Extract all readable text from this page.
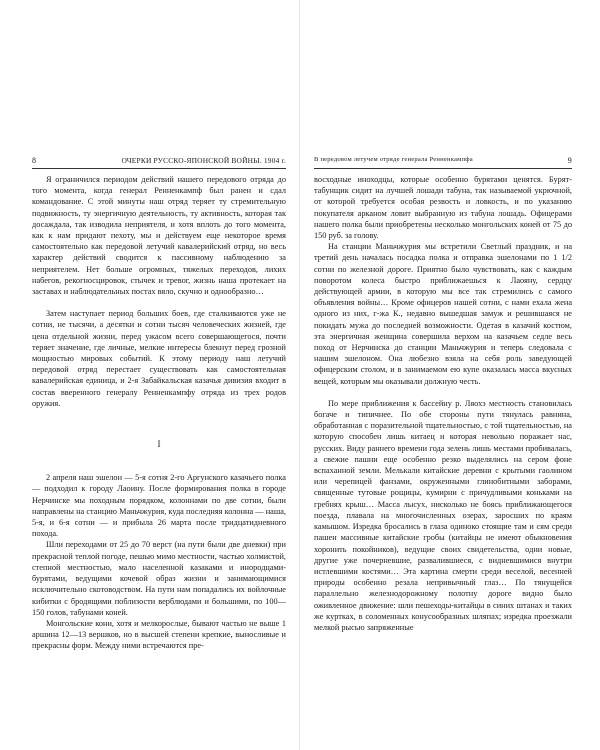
8	ОЧЕРКИ РУССКО-ЯПОНСКОЙ ВОЙНЫ. 1904 г.

Я ограничился периодом действий нашего передового отряда до того момента, когда генерал Ренненкампф был ранен и сдал командование. С этой минуты наш отряд теряет ту стремительную подвижность, ту энергичную деятельность, ту активность, которая так досаждала, так изводила неприятеля, и хотя вплоть до того момента, как к нам придают пехоту, мы и действуем еще некоторое время самостоятельно как передовой летучий кавалерийский отряд, но весь характер действий сводится к пассивному наблюдению за неприятелем. Нет больше огромных, тяжелых переходов, лихих набегов, рекогносцировок, стычек и тревог, жизнь наша протекает на заставах и наблюдательных постах вяло, скучно и однообразно…

Затем наступает период больших боев, где сталкиваются уже не сотни, не тысячи, а десятки и сотни тысяч человеческих жизней, где цена отдельной жизни, перед ужасом всего совершающегося, почти теряет значение, где личные, мелкие интересы блекнут перед грозной мощностью мировых событий. К этому периоду наш летучий передовой отряд перестает существовать как самостоятельная кавалерийская единица, и 2-я Забайкальская казачья дивизия входит в состав вверенного генералу Ренненкампфу отряда из трех родов оружия.

I

2 апреля наш эшелон — 5-я сотня 2-го Аргунского казачьего полка — подходил к городу Лаоину. После формирования полка в городе Нерчинске мы походным порядком, колоннами по две сотни, были направлены на станцию Маньчжурия, куда последняя колонна — наша, 5-я, и 6-я сотни — и прибыла 26 марта после тридцатидневного похода.

Шли переходами от 25 до 70 верст (на пути были две дневки) при прекрасной теплой погоде, пешью мимо местности, частью холмистой, степной местностью, мало населенной казаками и инородцами-бурятами, ведущими кочевой образ жизни и занимающимися исключительно скотоводством. На пути нам попадались их войлочные кибитки с бродящими поблизости верблюдами и большими, по 100—150 голов, табунами коней.

Монгольские кони, хотя и мелкорослые, бывают частью не выше 1 аршина 12—13 вершков, но в высшей степени крепкие, выносливые и прекрасны форм. Между ними встречаются пре-

В передовом летучем отряде генерала Ренненкампфа	9

восходные иноходцы, которые особенно бурятами ценятся. Бурят-табунщик сидит на лучшей лошади табуна, так называемой укрючной, от которой требуется особая резвость и ловкость, и по указанию покупателя арканом ловит выбранную из табуна лошадь. Офицерами нашего полка были приобретены несколько монгольских коней от 75 до 150 руб. за голову.

На станции Маньчжурия мы встретили Светлый праздник, и на третий день началась посадка полка и отправка эшелонами по 1 1/2 сотни по железной дороге. Приятно было чувствовать, как с каждым поворотом колеса быстро приближаешься к Лаояну, сердцу действующей армии, в которую мы все так стремились с самого объявления войны… Кроме офицеров нашей сотни, с нами ехала жена одного из них, г-жа К., недавно вышедшая замуж и решившаяся не покидать мужа до последней возможности. Одетая в казачий костюм, эта энергичная женщина совершила верхом на казачьем седле весь поход от Нерчинска до станции Маньчжурия и теперь следовала с нашим эшелоном. Она любезно взяла на себя роль заведующей офицерским столом, и в занимаемом ею купе оказалась масса вкусных вещей, которым мы оказывали должную честь.

По мере приближения к бассейну р. Ляохэ местность становилась богаче и типичнее. По обе стороны пути тянулась равнина, обработанная с поразительной тщательностью, с той тщательностью, на которую способен лишь китаец и которая невольно поражает нас, русских. Виду раннего времени года зелень лишь местами пробивалась, а свежие пашни еще особенно резко выделялись на сером фоне вспаханной земли. Мелькали китайские деревни с крытыми гаолином или черепицей фанзами, окруженными глинобитными заборами, священные тутовые рощицы, кумирни с причудливыми коньками на гребнях крыш… Масса лысух, нисколько не боясь приближающегося поезда, плавала на многочисленных озерах, заросших по краям камышом. Изредка бросались в глаза одиноко стоящие там и сям среди пашен массивные китайские гробы (китайцы не имеют обыкновения хоронить покойников), ведущие своих свидетельства, одни новые, другие уже почерневшие, развалившиеся, с видневшимися внутри истлевшими костями… Эта картина смерти среди веселой, весенней природы особенно резала непривычный глаз… По тянущейся параллельно железнодорожному полотну дороге видно было оживленное движение: шли пешеходы-китайцы в синих штанах и таких же куртках, в соломенных конусообразных шляпах; изредка проезжали мелкой рысью запряженные
